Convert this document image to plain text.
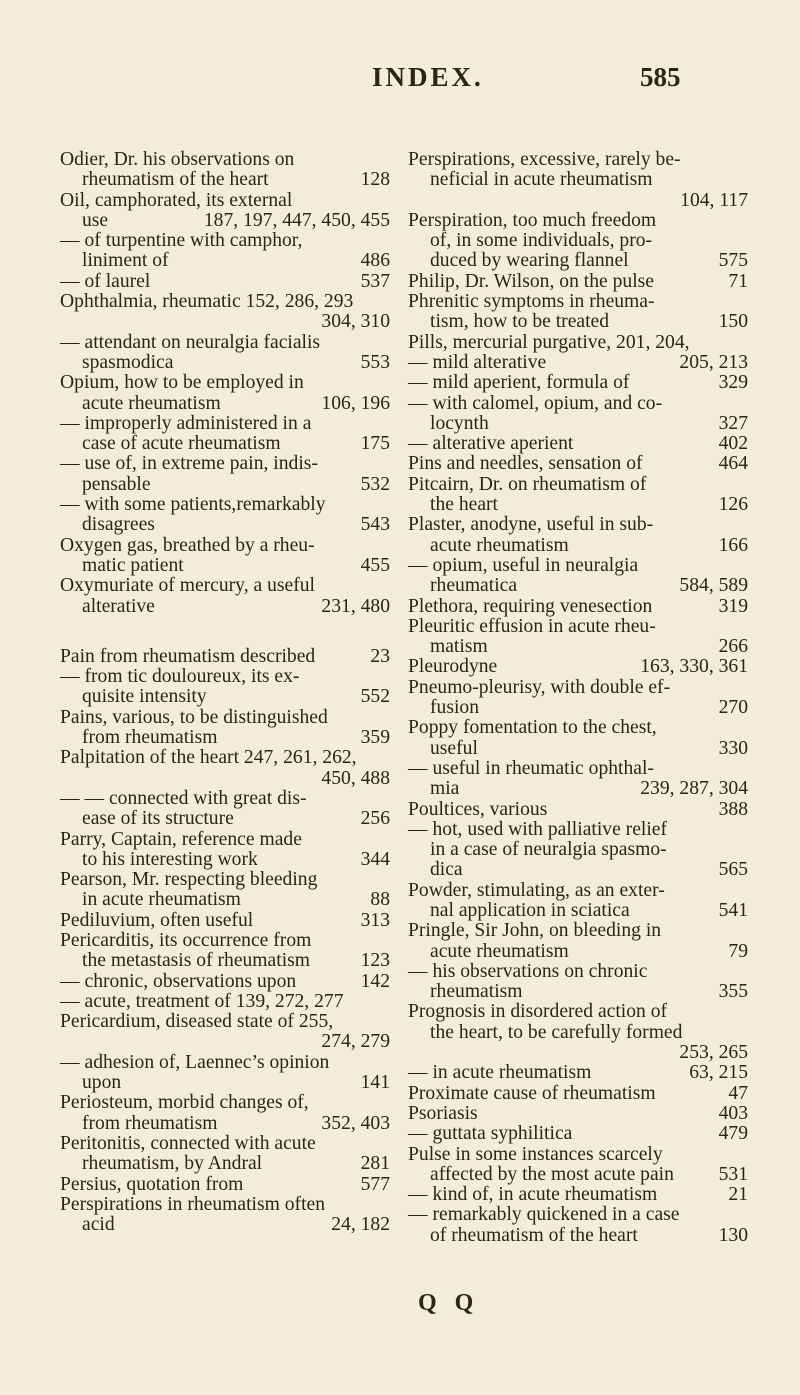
INDEX.	585
Odier, Dr. his observations on
rheumatism of the heart	128
Oil, camphorated, its external
use	187, 197, 447, 450, 455
— of turpentine with camphor,
liniment of	486
— of laurel	537
Ophthalmia, rheumatic 152, 286, 293
304, 310
— attendant on neuralgia facialis
spasmodica	553
Opium, how to be employed in
acute rheumatism	106, 196
— improperly administered in a
case of acute rheumatism	175
— use of, in extreme pain, indis-
pensable	532
— with some patients,remarkably
disagrees	543
Oxygen gas, breathed by a rheu-
matic patient	455
Oxymuriate of mercury, a useful
alterative	231, 480
Pain from rheumatism described	23
— from tic douloureux, its ex-
quisite intensity	552
Pains, various, to be distinguished
from rheumatism	359
Palpitation of the heart 247, 261, 262,
450, 488
— — connected with great dis-
ease of its structure	256
Parry, Captain, reference made
to his interesting work	344
Pearson, Mr. respecting bleeding
in acute rheumatism	88
Pediluvium, often useful	313
Pericarditis, its occurrence from
the metastasis of rheumatism	123
— chronic, observations upon	142
— acute, treatment of 139, 272, 277
Pericardium, diseased state of 255,
274, 279
— adhesion of, Laennec’s opinion
upon	141
Periosteum, morbid changes of,
from rheumatism	352, 403
Peritonitis, connected with acute
rheumatism, by Andral	281
Persius, quotation from	577
Perspirations in rheumatism often
acid	24, 182
Perspirations, excessive, rarely be-
neficial in acute rheumatism
104, 117
Perspiration, too much freedom
of, in some individuals, pro-
duced by wearing flannel	575
Philip, Dr. Wilson, on the pulse	71
Phrenitic symptoms in rheuma-
tism, how to be treated	150
Pills, mercurial purgative, 201, 204,
— mild alterative	205, 213
— mild aperient, formula of	329
— with calomel, opium, and co-
locynth	327
— alterative aperient	402
Pins and needles, sensation of	464
Pitcairn, Dr. on rheumatism of
the heart	126
Plaster, anodyne, useful in sub-
acute rheumatism	166
— opium, useful in neuralgia
rheumatica	584, 589
Plethora, requiring venesection	319
Pleuritic effusion in acute rheu-
matism	266
Pleurodyne	163, 330, 361
Pneumo-pleurisy, with double ef-
fusion	270
Poppy fomentation to the chest,
useful	330
— useful in rheumatic ophthal-
mia	239, 287, 304
Poultices, various	388
— hot, used with palliative relief
in a case of neuralgia spasmo-
dica	565
Powder, stimulating, as an exter-
nal application in sciatica	541
Pringle, Sir John, on bleeding in
acute rheumatism	79
— his observations on chronic
rheumatism	355
Prognosis in disordered action of
the heart, to be carefully formed
253, 265
— in acute rheumatism	63, 215
Proximate cause of rheumatism	47
Psoriasis	403
— guttata syphilitica	479
Pulse in some instances scarcely
affected by the most acute pain 531
— kind of, in acute rheumatism	21
— remarkably quickened in a case
of rheumatism of the heart	130
Q Q
